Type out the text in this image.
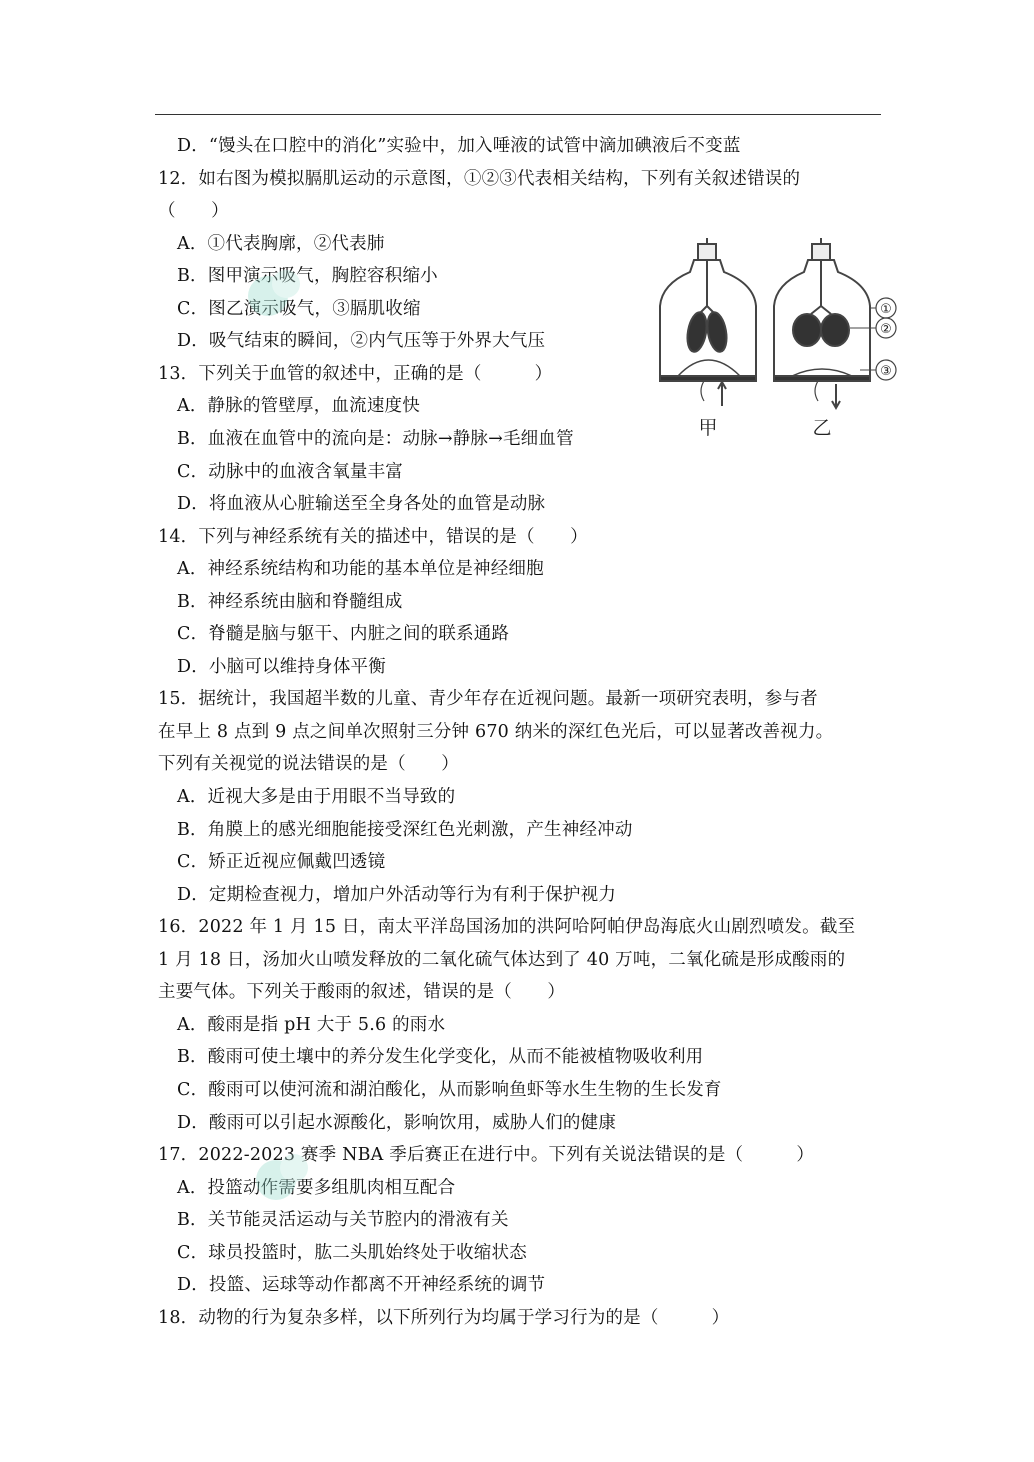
D．“馒头在口腔中的消化”实验中，加入唾液的试管中滴加碘液后不变蓝
12．如右图为模拟膈肌运动的示意图，①②③代表相关结构，下列有关叙述错误的
（　　）
A．①代表胸廓，②代表肺
B．图甲演示吸气，胸腔容积缩小
C．图乙演示吸气，③膈肌收缩
D．吸气结束的瞬间，②内气压等于外界大气压
13．下列关于血管的叙述中，正确的是（　　　）
A．静脉的管壁厚，血流速度快
B．血液在血管中的流向是：动脉→静脉→毛细血管
C．动脉中的血液含氧量丰富
D．将血液从心脏输送至全身各处的血管是动脉
14．下列与神经系统有关的描述中，错误的是（　　）
A．神经系统结构和功能的基本单位是神经细胞
B．神经系统由脑和脊髓组成
C．脊髓是脑与躯干、内脏之间的联系通路
D．小脑可以维持身体平衡
15．据统计，我国超半数的儿童、青少年存在近视问题。最新一项研究表明，参与者
在早上 8 点到 9 点之间单次照射三分钟 670 纳米的深红色光后，可以显著改善视力。
下列有关视觉的说法错误的是（　　）
A．近视大多是由于用眼不当导致的
B．角膜上的感光细胞能接受深红色光刺激，产生神经冲动
C．矫正近视应佩戴凹透镜
D．定期检查视力，增加户外活动等行为有利于保护视力
16．2022 年 1 月 15 日，南太平洋岛国汤加的洪阿哈阿帕伊岛海底火山剧烈喷发。截至
1 月 18 日，汤加火山喷发释放的二氧化硫气体达到了 40 万吨，二氧化硫是形成酸雨的
主要气体。下列关于酸雨的叙述，错误的是（　　）
A．酸雨是指 pH 大于 5.6 的雨水
B．酸雨可使土壤中的养分发生化学变化，从而不能被植物吸收利用
C．酸雨可以使河流和湖泊酸化，从而影响鱼虾等水生生物的生长发育
D．酸雨可以引起水源酸化，影响饮用，威胁人们的健康
17．2022-2023 赛季 NBA 季后赛正在进行中。下列有关说法错误的是（　　　）
A．投篮动作需要多组肌肉相互配合
B．关节能灵活运动与关节腔内的滑液有关
C．球员投篮时，肱二头肌始终处于收缩状态
D．投篮、运球等动作都离不开神经系统的调节
18．动物的行为复杂多样，以下所列行为均属于学习行为的是（　　　）
①
②
③
甲	乙
